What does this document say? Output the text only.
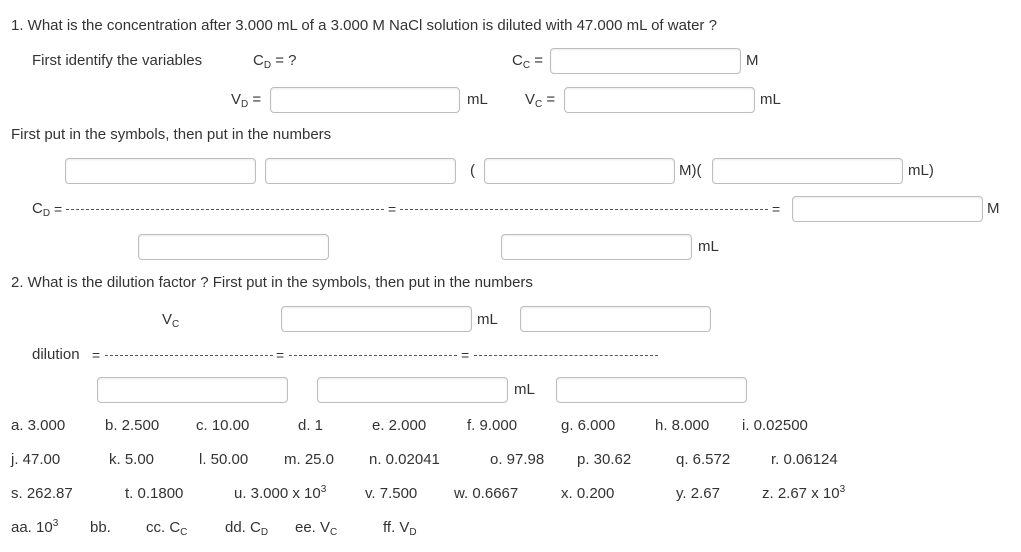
1. What is the concentration after 3.000 mL of a 3.000 M NaCl solution is diluted with 47.000 mL of water ?
First identify the variables	$C_D$ = ?	$C_C$ =	M
$V_D$ =	mL $V_C$ =	mL
First put in the symbols, then put in the numbers
(	M)(	mL)
$C_D$ =	=	=	M
mL
2. What is the dilution factor ? First put in the symbols, then put in the numbers
$V_C$	mL
dilution =	=	=
mL
a. 3.000	b. 2.500 c. 10.00	d. 1	e. 2.000	f. 9.000	g. 6.000	h. 8.000 i. 0.02500
j. 47.00	k. 5.00	l. 50.00 m. 25.0 n. 0.02041	o. 97.98 p. 30.62	q. 6.572	r. 0.06124
s. 262.87	t. 0.1800	u. 3.000 x $10^3$	v. 7.500 w. 0.6667	x. 0.200	y. 2.67	z. 2.67 x $10^3$
aa. $10^3$ bb. cc. $C_C$	dd. $C_D$ ee. $V_C$	ff. $V_D$
